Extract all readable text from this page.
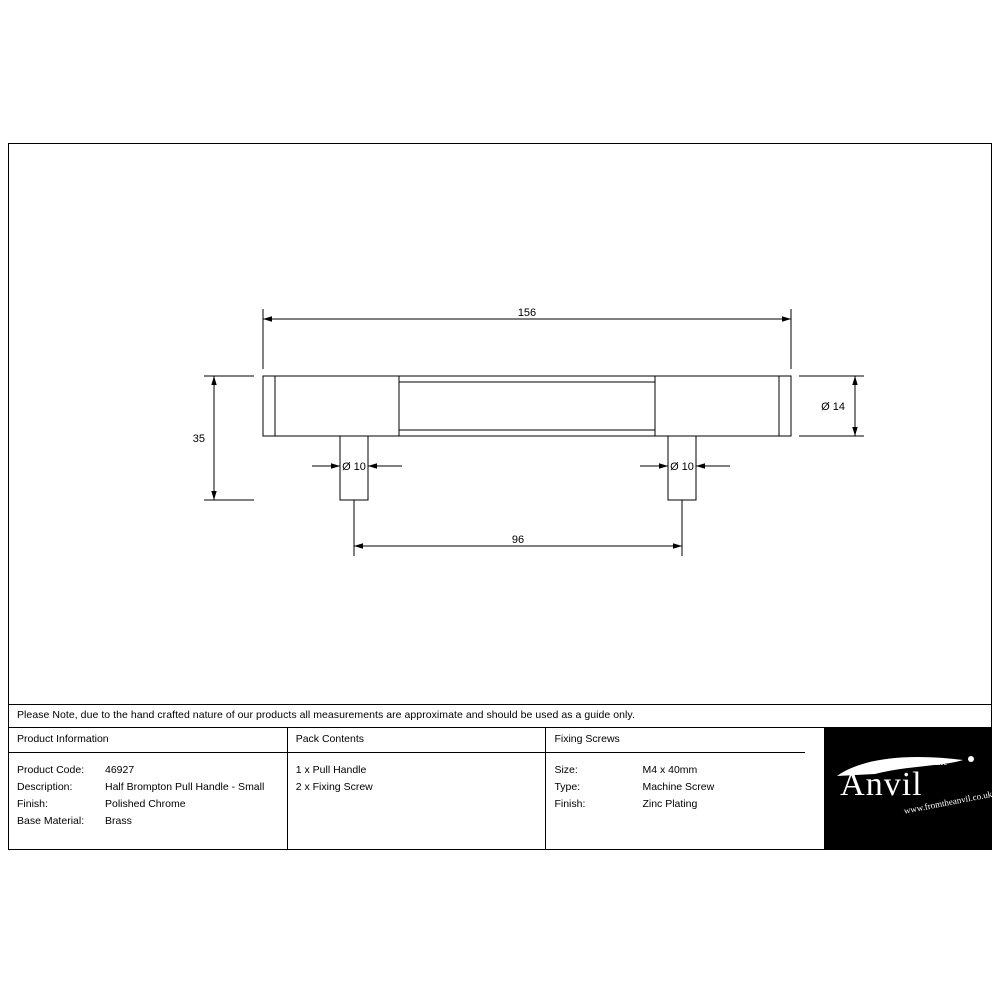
156
35
Ø 14
Ø 10	Ø 10
96
Please Note, due to the hand crafted nature of our products all measurements are approximate and should be used as a guide only.
Product Information
Product Code: 46927
Description:	Half Brompton Pull Handle - Small
Finish:	Polished Chrome
Base Material: Brass
Pack Contents
1 x Pull Handle
2 x Fixing Screw
Fixing Screws
Size:	M4 x 40mm
Type:	Machine Screw
Finish:	Zinc Plating
From the
Anvil
www.fromtheanvil.co.uk
